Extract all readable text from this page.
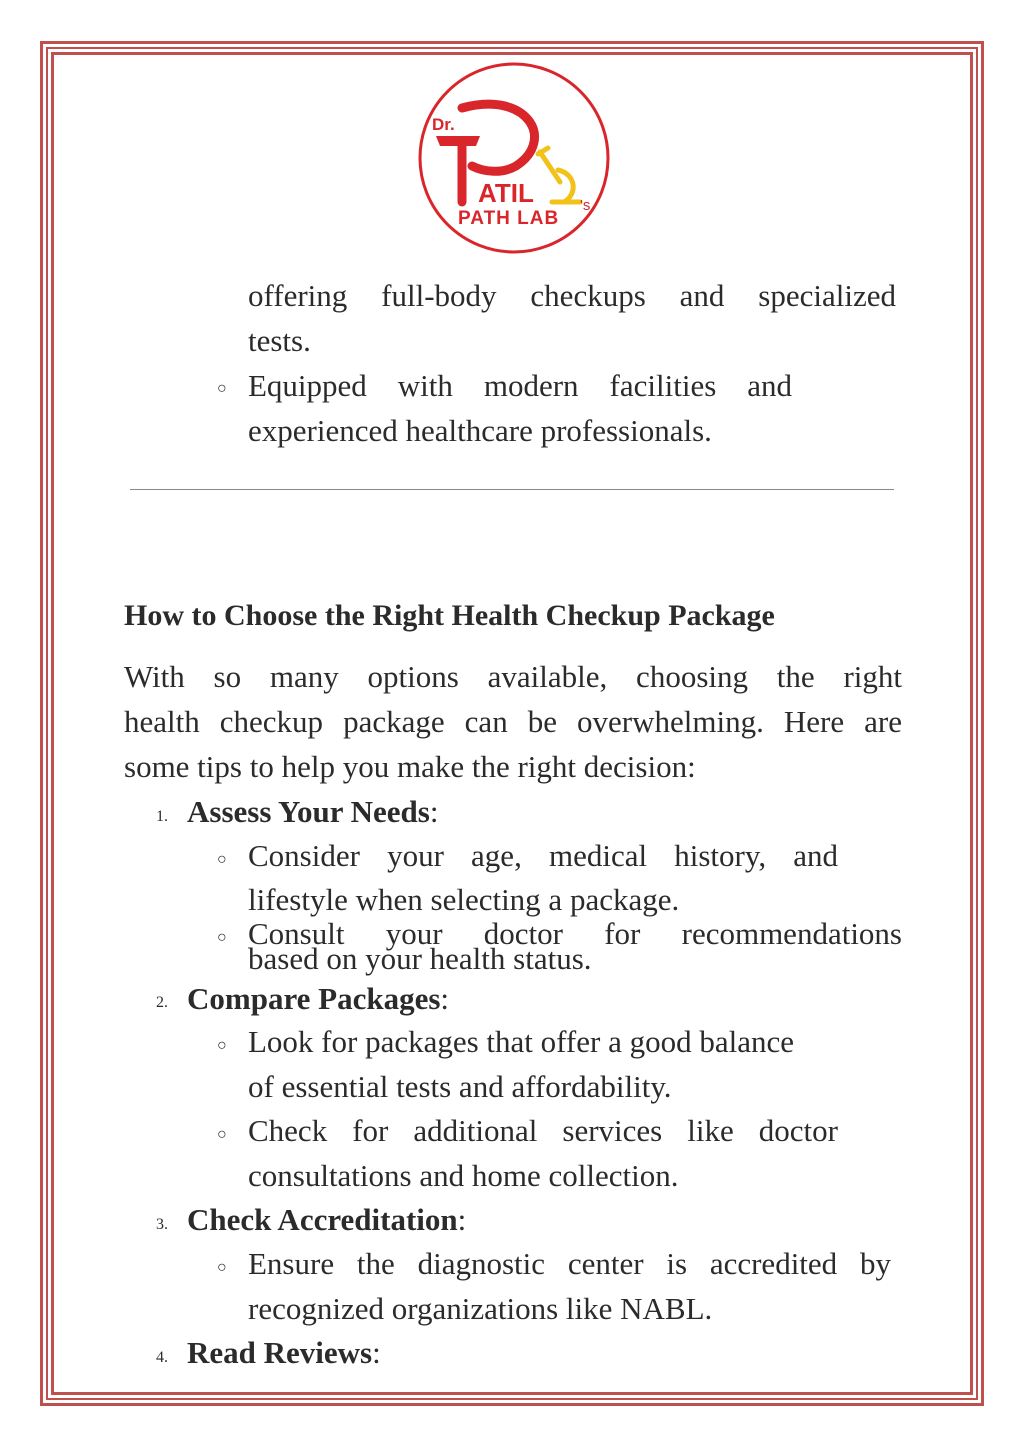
Dr.
ATIL	's
PATH LAB

offering full-body checkups and specialized

tests.

○ Equipped with modern facilities and

experienced healthcare professionals.

How to Choose the Right Health Checkup Package

With so many options available, choosing the right

health checkup package can be overwhelming. Here are

some tips to help you make the right decision:

1. Assess Your Needs:

○ Consider your age, medical history, and

lifestyle when selecting a package.

○ Consult your doctor for recommendations

based on your health status.

2. Compare Packages:

○ Look for packages that offer a good balance

of essential tests and affordability.

○ Check for additional services like doctor

consultations and home collection.

3. Check Accreditation:

○ Ensure the diagnostic center is accredited by

recognized organizations like NABL.

4. Read Reviews:
